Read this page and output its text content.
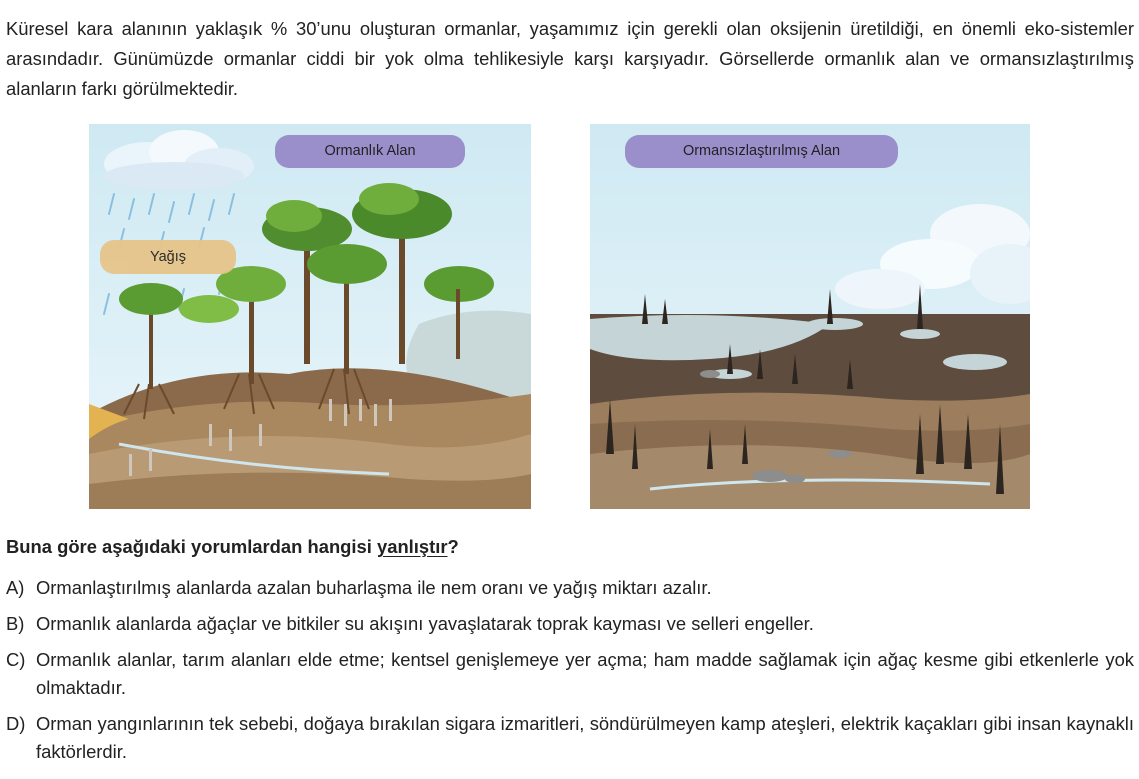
Küresel kara alanının yaklaşık % 30’unu oluşturan ormanlar, yaşamımız için gerekli olan oksijenin üretildiği, en önemli eko-sistemler arasındadır. Günümüzde ormanlar ciddi bir yok olma tehlikesiyle karşı karşıyadır. Görsellerde ormanlık alan ve ormansızlaştırılmış alanların farkı görülmektedir.

Ormanlık Alan
Yağış
Ormansızlaştırılmış Alan

Buna göre aşağıdaki yorumlardan hangisi yanlıştır?

A) Ormanlaştırılmış alanlarda azalan buharlaşma ile nem oranı ve yağış miktarı azalır.
B) Ormanlık alanlarda ağaçlar ve bitkiler su akışını yavaşlatarak toprak kayması ve selleri engeller.
C) Ormanlık alanlar, tarım alanları elde etme; kentsel genişlemeye yer açma; ham madde sağlamak için ağaç kesme gibi etkenlerle yok olmaktadır.
D) Orman yangınlarının tek sebebi, doğaya bırakılan sigara izmaritleri, söndürülmeyen kamp ateşleri, elektrik kaçakları gibi insan kaynaklı faktörlerdir.
